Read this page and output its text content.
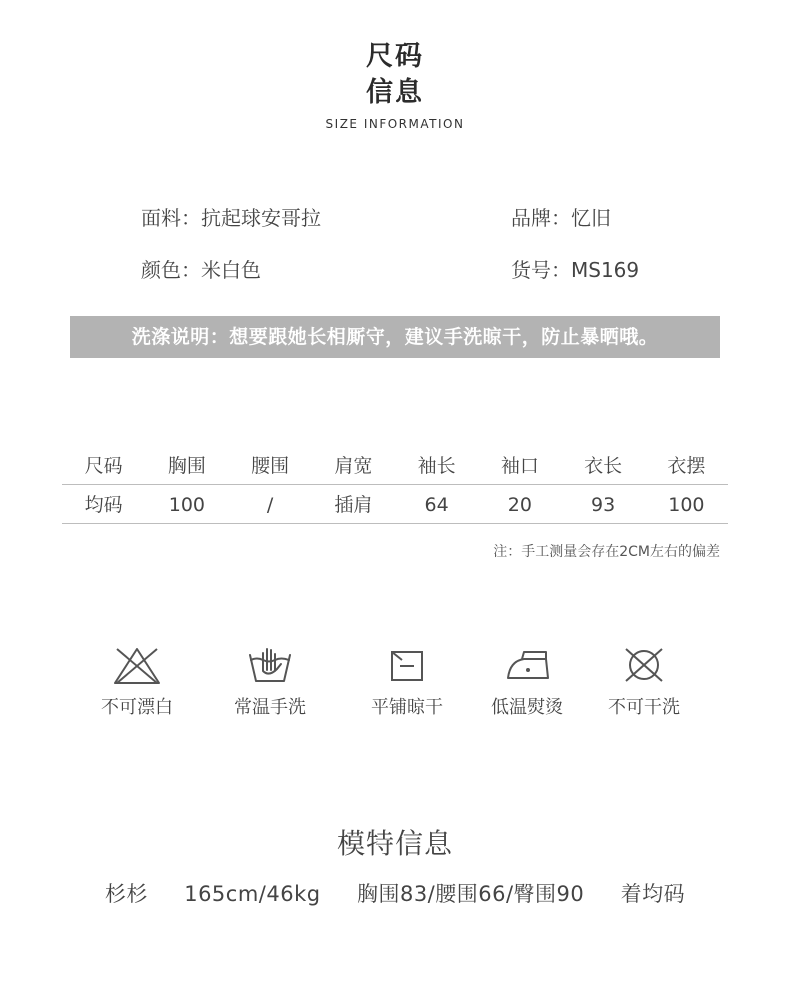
尺码
信息
SIZE INFORMATION
面料：抗起球安哥拉	品牌：忆旧
颜色：米白色	货号：MS169
洗涤说明：想要跟她长相厮守，建议手洗晾干，防止暴晒哦。
尺码	胸围	腰围	肩宽	袖长	袖口	衣长	衣摆
均码	100	/	插肩	64	20	93	100
注：手工测量会存在2CM左右的偏差
不可漂白	常温手洗	平铺晾干	低温熨烫	不可干洗
模特信息
杉杉 165cm/46kg 胸围83/腰围66/臀围90 着均码
